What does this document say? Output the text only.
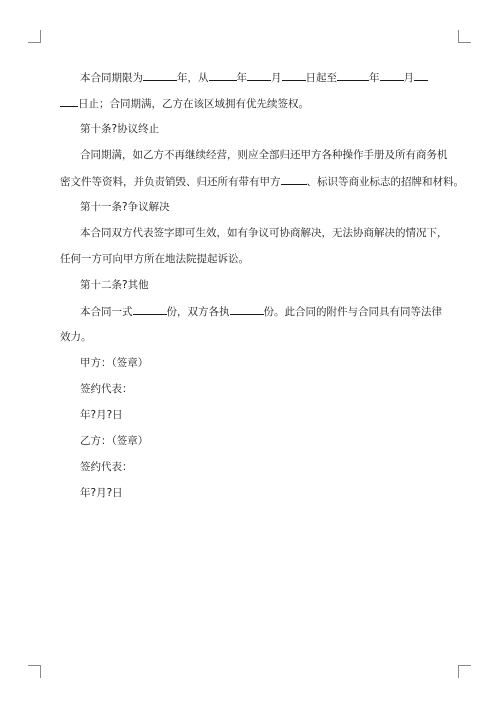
本合同期限为	年，从	年 月 日起至	年 月
日止；合同期满，乙方在该区域拥有优先续签权。
第十条?协议终止
合同期满，如乙方不再继续经营，则应全部归还甲方各种操作手册及所有商务机
密文件等资料，并负责销毁、归还所有带有甲方 、标识等商业标志的招牌和材料。
第十一条?争议解决
本合同双方代表签字即可生效，如有争议可协商解决，无法协商解决的情况下，
任何一方可向甲方所在地法院提起诉讼。
第十二条?其他
本合同一式	份，双方各执	份。此合同的附件与合同具有同等法律
效力。
甲方：（签章）
签约代表：
年?月?日
乙方：（签章）
签约代表：
年?月?日
